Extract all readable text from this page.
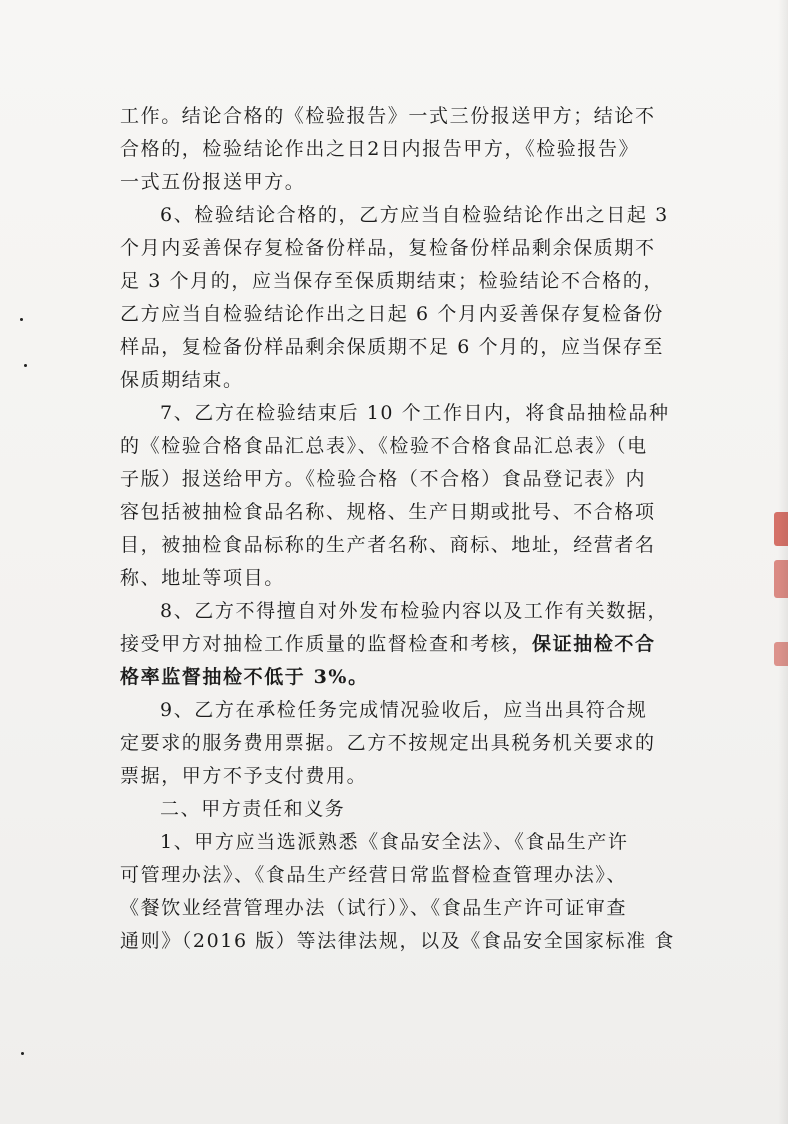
工作。结论合格的《检验报告》一式三份报送甲方；结论不
合格的，检验结论作出之日2日内报告甲方，《检验报告》
一式五份报送甲方。
6、检验结论合格的，乙方应当自检验结论作出之日起 3
个月内妥善保存复检备份样品，复检备份样品剩余保质期不
足 3 个月的，应当保存至保质期结束；检验结论不合格的，
乙方应当自检验结论作出之日起 6 个月内妥善保存复检备份
样品，复检备份样品剩余保质期不足 6 个月的，应当保存至
保质期结束。
7、乙方在检验结束后 10 个工作日内，将食品抽检品种
的《检验合格食品汇总表》、《检验不合格食品汇总表》（电
子版）报送给甲方。《检验合格（不合格）食品登记表》内
容包括被抽检食品名称、规格、生产日期或批号、不合格项
目，被抽检食品标称的生产者名称、商标、地址，经营者名
称、地址等项目。
8、乙方不得擅自对外发布检验内容以及工作有关数据，
接受甲方对抽检工作质量的监督检查和考核，保证抽检不合
格率监督抽检不低于 3%。
9、乙方在承检任务完成情况验收后，应当出具符合规
定要求的服务费用票据。乙方不按规定出具税务机关要求的
票据，甲方不予支付费用。
二、甲方责任和义务
1、甲方应当选派熟悉《食品安全法》、《食品生产许
可管理办法》、《食品生产经营日常监督检查管理办法》、
《餐饮业经营管理办法（试行）》、《食品生产许可证审查
通则》（2016 版）等法律法规，以及《食品安全国家标准 食
